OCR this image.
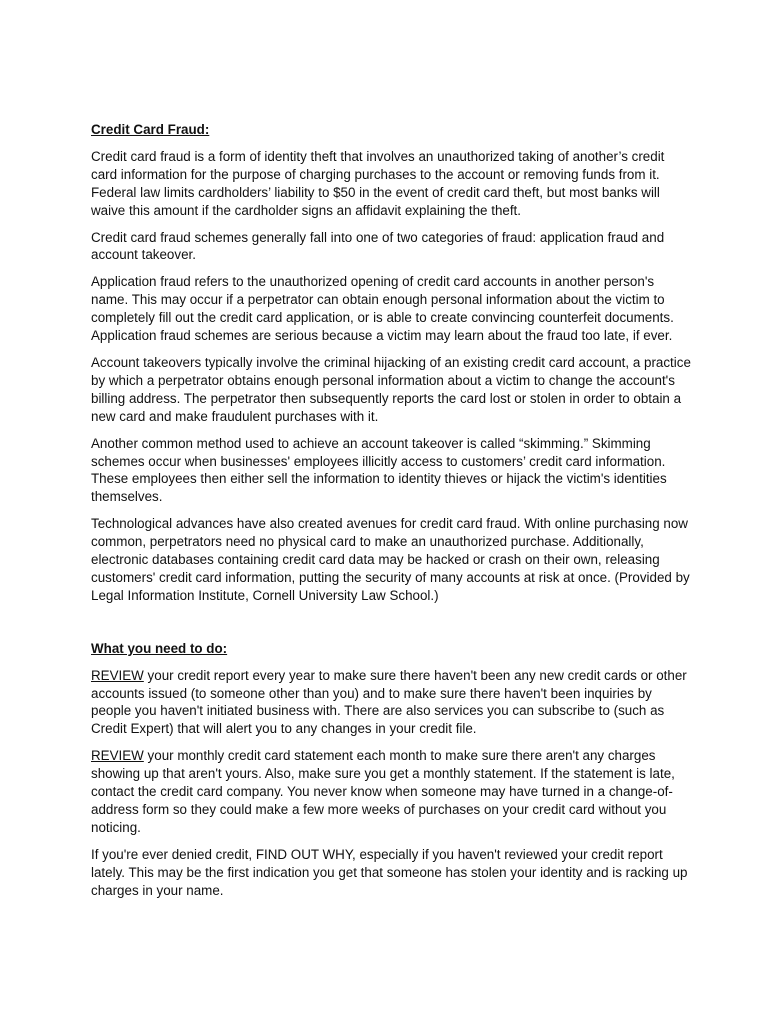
Credit Card Fraud:

Credit card fraud is a form of identity theft that involves an unauthorized taking of another’s credit card information for the purpose of charging purchases to the account or removing funds from it. Federal law limits cardholders’ liability to $50 in the event of credit card theft, but most banks will waive this amount if the cardholder signs an affidavit explaining the theft.

Credit card fraud schemes generally fall into one of two categories of fraud: application fraud and account takeover.

Application fraud refers to the unauthorized opening of credit card accounts in another person's name. This may occur if a perpetrator can obtain enough personal information about the victim to completely fill out the credit card application, or is able to create convincing counterfeit documents. Application fraud schemes are serious because a victim may learn about the fraud too late, if ever.

Account takeovers typically involve the criminal hijacking of an existing credit card account, a practice by which a perpetrator obtains enough personal information about a victim to change the account's billing address. The perpetrator then subsequently reports the card lost or stolen in order to obtain a new card and make fraudulent purchases with it.

Another common method used to achieve an account takeover is called “skimming.” Skimming schemes occur when businesses' employees illicitly access to customers’ credit card information. These employees then either sell the information to identity thieves or hijack the victim's identities themselves.

Technological advances have also created avenues for credit card fraud. With online purchasing now common, perpetrators need no physical card to make an unauthorized purchase. Additionally, electronic databases containing credit card data may be hacked or crash on their own, releasing customers' credit card information, putting the security of many accounts at risk at once. (Provided by Legal Information Institute, Cornell University Law School.)

What you need to do:

REVIEW your credit report every year to make sure there haven't been any new credit cards or other accounts issued (to someone other than you) and to make sure there haven't been inquiries by people you haven't initiated business with. There are also services you can subscribe to (such as Credit Expert) that will alert you to any changes in your credit file.

REVIEW your monthly credit card statement each month to make sure there aren't any charges showing up that aren't yours. Also, make sure you get a monthly statement. If the statement is late, contact the credit card company. You never know when someone may have turned in a change-of-address form so they could make a few more weeks of purchases on your credit card without you noticing.

If you're ever denied credit, FIND OUT WHY, especially if you haven't reviewed your credit report lately. This may be the first indication you get that someone has stolen your identity and is racking up charges in your name.
